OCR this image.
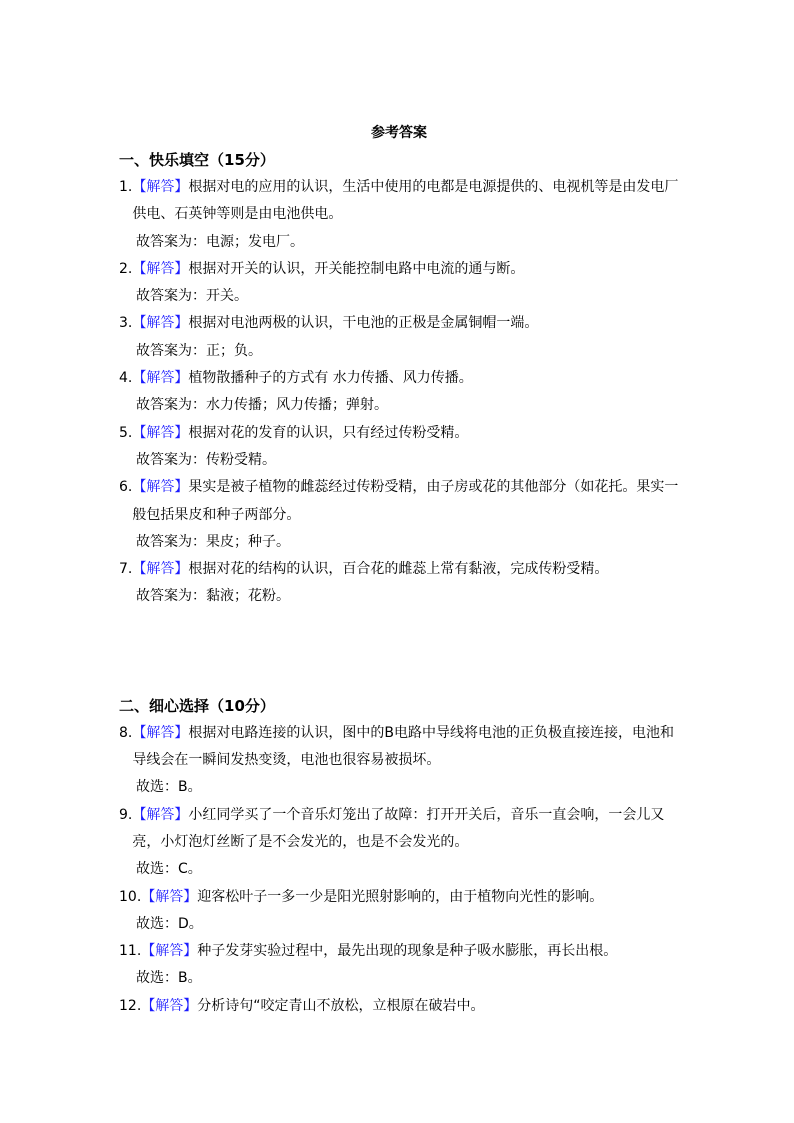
参考答案
一、快乐填空（15分）
1. 【解答】根据对电的应用的认识，生活中使用的电都是电源提供的、电视机等是由发电厂供电、石英钟等则是由电池供电。
故答案为：电源；发电厂。
2. 【解答】根据对开关的认识，开关能控制电路中电流的通与断。
故答案为：开关。
3. 【解答】根据对电池两极的认识，干电池的正极是金属铜帽一端。
故答案为：正；负。
4. 【解答】植物散播种子的方式有 水力传播、风力传播。
故答案为：水力传播；风力传播；弹射。
5. 【解答】根据对花的发育的认识，只有经过传粉受精。
故答案为：传粉受精。
6. 【解答】果实是被子植物的雌蕊经过传粉受精，由子房或花的其他部分（如花托。果实一般包括果皮和种子两部分。
故答案为：果皮；种子。
7. 【解答】根据对花的结构的认识，百合花的雌蕊上常有黏液，完成传粉受精。
故答案为：黏液；花粉。
二、细心选择（10分）
8. 【解答】根据对电路连接的认识，图中的B电路中导线将电池的正负极直接连接，电池和导线会在一瞬间发热变烫，电池也很容易被损坏。
故选：B。
9. 【解答】小红同学买了一个音乐灯笼出了故障：打开开关后，音乐一直会响，一会儿又亮，小灯泡灯丝断了是不会发光的，也是不会发光的。
故选：C。
10. 【解答】迎客松叶子一多一少是阳光照射影响的，由于植物向光性的影响。
故选：D。
11. 【解答】种子发芽实验过程中，最先出现的现象是种子吸水膨胀，再长出根。
故选：B。
12. 【解答】分析诗句“咬定青山不放松，立根原在破岩中。
